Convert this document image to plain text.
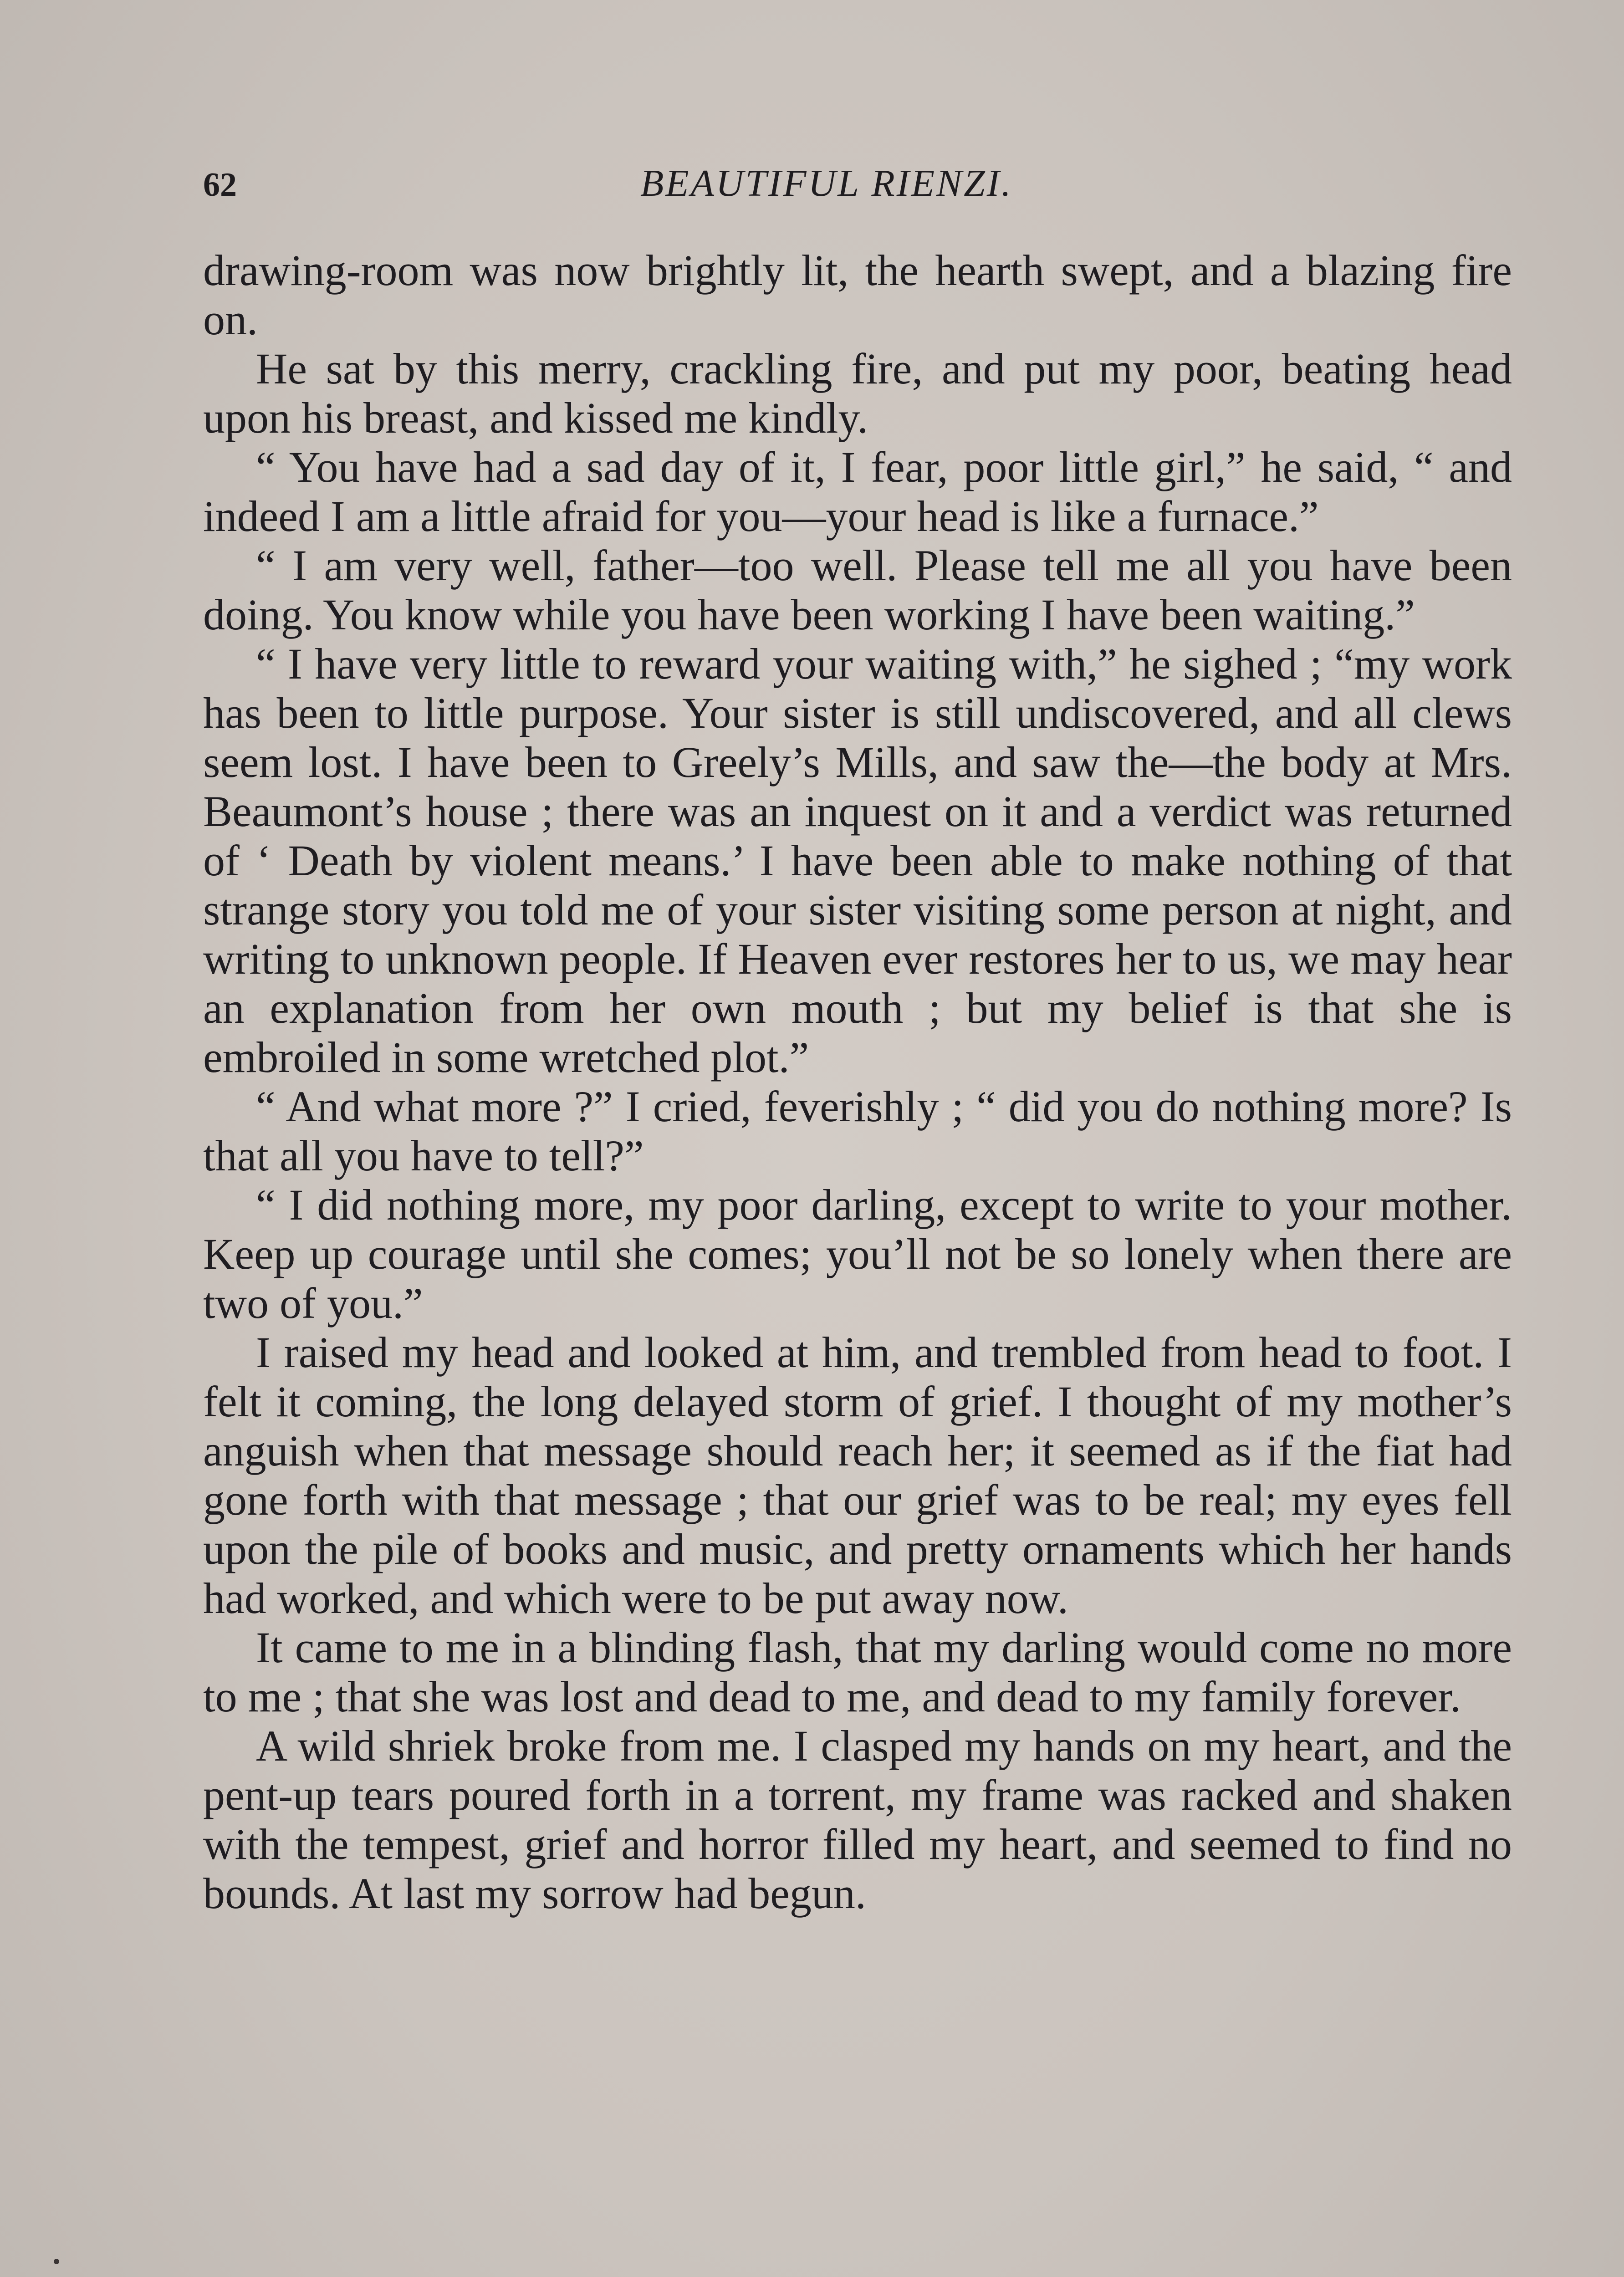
62	BEAUTIFUL RIENZI.

drawing-room was now brightly lit, the hearth swept, and a blazing fire on.

He sat by this merry, crackling fire, and put my poor, beating head upon his breast, and kissed me kindly.

“ You have had a sad day of it, I fear, poor little girl,” he said, “ and indeed I am a little afraid for you—your head is like a furnace.”

“ I am very well, father—too well. Please tell me all you have been doing. You know while you have been working I have been waiting.”

“ I have very little to reward your waiting with,” he sighed ; “my work has been to little purpose. Your sister is still undiscovered, and all clews seem lost. I have been to Greely’s Mills, and saw the—the body at Mrs. Beaumont’s house ; there was an inquest on it and a verdict was returned of ‘ Death by violent means.’ I have been able to make nothing of that strange story you told me of your sister visiting some person at night, and writing to unknown people. If Heaven ever restores her to us, we may hear an explanation from her own mouth ; but my belief is that she is embroiled in some wretched plot.”

“ And what more ?” I cried, feverishly ; “ did you do nothing more? Is that all you have to tell?”

“ I did nothing more, my poor darling, except to write to your mother. Keep up courage until she comes; you’ll not be so lonely when there are two of you.”

I raised my head and looked at him, and trembled from head to foot. I felt it coming, the long delayed storm of grief. I thought of my mother’s anguish when that message should reach her; it seemed as if the fiat had gone forth with that message ; that our grief was to be real; my eyes fell upon the pile of books and music, and pretty ornaments which her hands had worked, and which were to be put away now.

It came to me in a blinding flash, that my darling would come no more to me ; that she was lost and dead to me, and dead to my family forever.

A wild shriek broke from me. I clasped my hands on my heart, and the pent-up tears poured forth in a torrent, my frame was racked and shaken with the tempest, grief and horror filled my heart, and seemed to find no bounds. At last my sorrow had begun.
